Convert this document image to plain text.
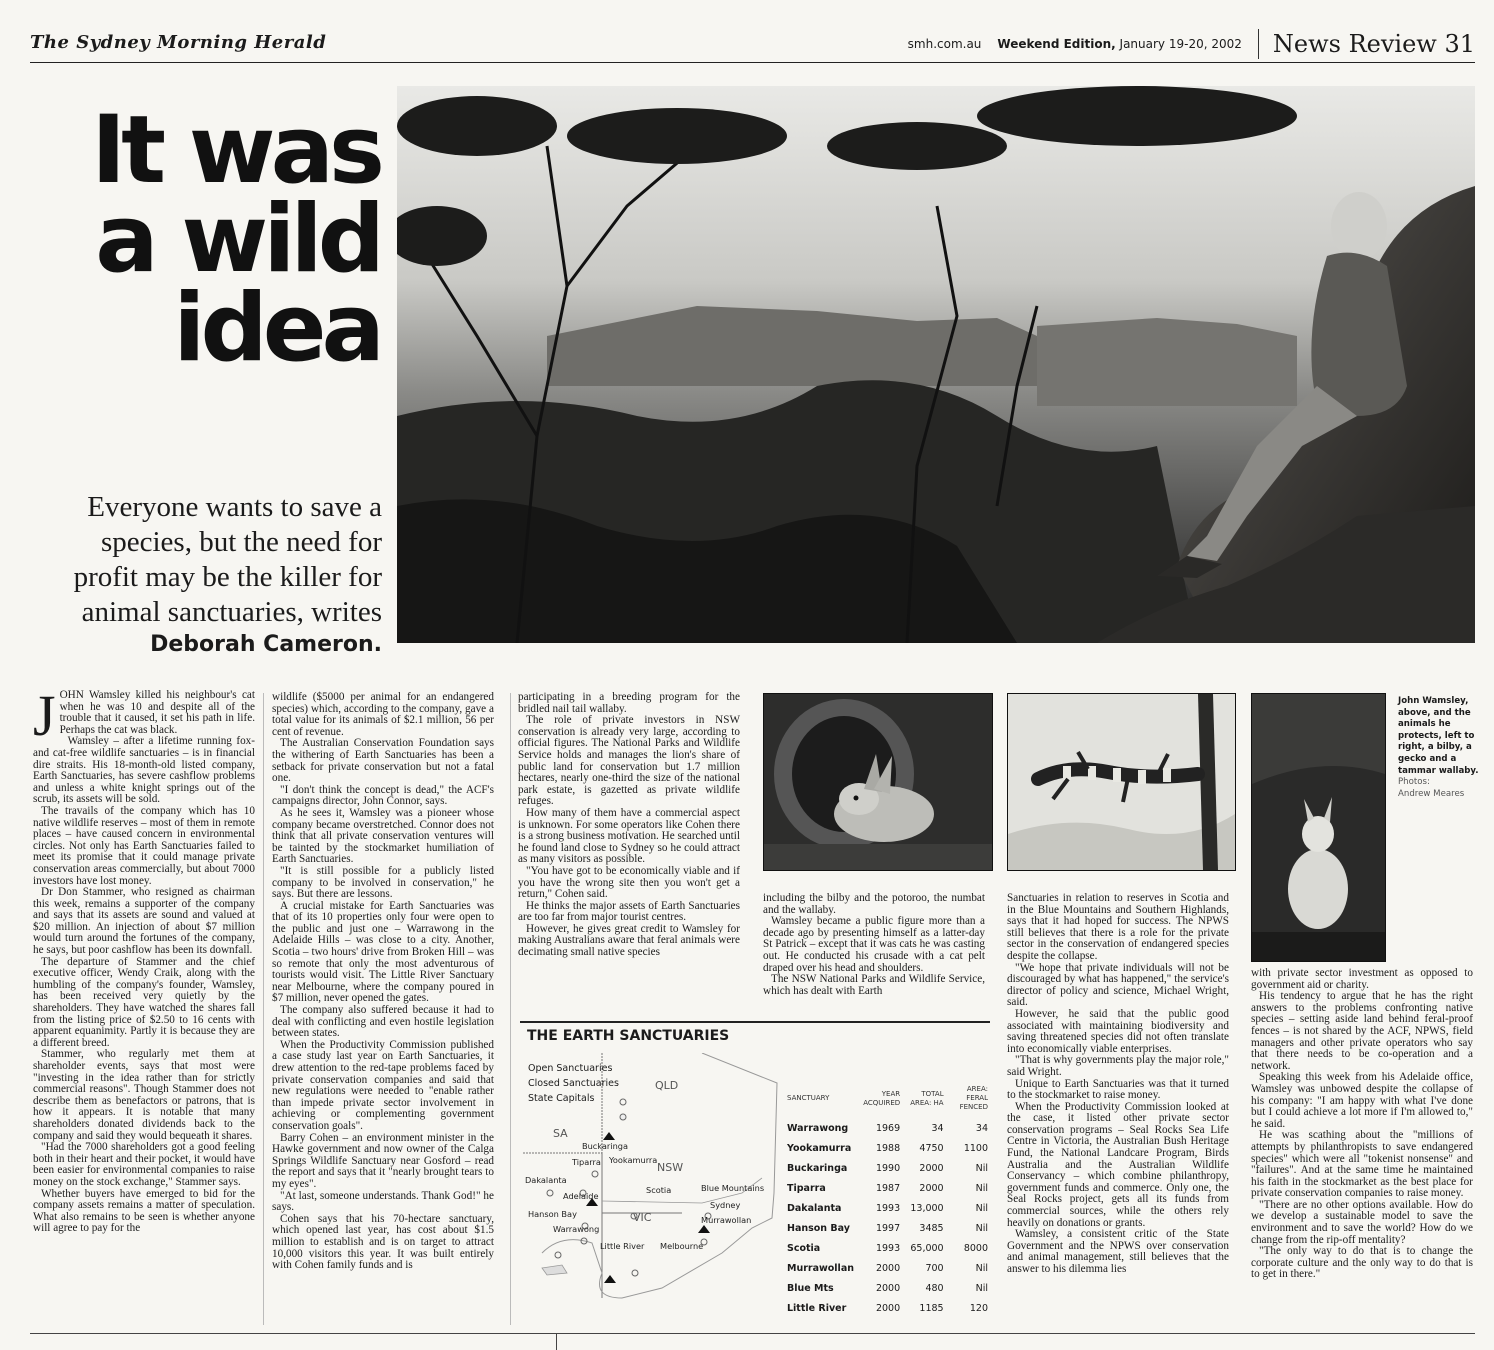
The Sydney Morning Herald	smh.com.au Weekend Edition, January 19-20, 2002 News Review 31
It was
a wild
idea
Everyone wants to save a species, but the need for profit may be the killer for animal sanctuaries, writes
Deborah Cameron.

JOHN Wamsley killed his neighbour's cat when he was 10 and despite all of the trouble that it caused, it set his path in life. Perhaps the cat was black.

Wamsley – after a lifetime running fox- and cat-free wildlife sanctuaries – is in financial dire straits. His 18-month-old listed company, Earth Sanctuaries, has severe cashflow problems and unless a white knight springs out of the scrub, its assets will be sold.

The travails of the company which has 10 native wildlife reserves – most of them in remote places – have caused concern in environmental circles. Not only has Earth Sanctuaries failed to meet its promise that it could manage private conservation areas commercially, but about 7000 investors have lost money.

Dr Don Stammer, who resigned as chairman this week, remains a supporter of the company and says that its assets are sound and valued at $20 million. An injection of about $7 million would turn around the fortunes of the company, he says, but poor cashflow has been its downfall.

The departure of Stammer and the chief executive officer, Wendy Craik, along with the humbling of the company's founder, Wamsley, has been received very quietly by the shareholders. They have watched the shares fall from the listing price of $2.50 to 16 cents with apparent equanimity. Partly it is because they are a different breed.

Stammer, who regularly met them at shareholder events, says that most were "investing in the idea rather than for strictly commercial reasons". Though Stammer does not describe them as benefactors or patrons, that is how it appears. It is notable that many shareholders donated dividends back to the company and said they would bequeath it shares.

"Had the 7000 shareholders got a good feeling both in their heart and their pocket, it would have been easier for environmental companies to raise money on the stock exchange," Stammer says.

Whether buyers have emerged to bid for the company assets remains a matter of speculation. What also remains to be seen is whether anyone will agree to pay for the

wildlife ($5000 per animal for an endangered species) which, according to the company, gave a total value for its animals of $2.1 million, 56 per cent of revenue.

The Australian Conservation Foundation says the withering of Earth Sanctuaries has been a setback for private conservation but not a fatal one.

"I don't think the concept is dead," the ACF's campaigns director, John Connor, says.

As he sees it, Wamsley was a pioneer whose company became overstretched. Connor does not think that all private conservation ventures will be tainted by the stockmarket humiliation of Earth Sanctuaries.

"It is still possible for a publicly listed company to be involved in conservation," he says. But there are lessons.

A crucial mistake for Earth Sanctuaries was that of its 10 properties only four were open to the public and just one – Warrawong in the Adelaide Hills – was close to a city. Another, Scotia – two hours' drive from Broken Hill – was so remote that only the most adventurous of tourists would visit. The Little River Sanctuary near Melbourne, where the company poured in $7 million, never opened the gates.

The company also suffered because it had to deal with conflicting and even hostile legislation between states.

When the Productivity Commission published a case study last year on Earth Sanctuaries, it drew attention to the red-tape problems faced by private conservation companies and said that new regulations were needed to "enable rather than impede private sector involvement in achieving or complementing government conservation goals".

Barry Cohen – an environment minister in the Hawke government and now owner of the Calga Springs Wildlife Sanctuary near Gosford – read the report and says that it "nearly brought tears to my eyes".

"At last, someone understands. Thank God!" he says.

Cohen says that his 70-hectare sanctuary, which opened last year, has cost about $1.5 million to establish and is on target to attract 10,000 visitors this year. It was built entirely with Cohen family funds and is

participating in a breeding program for the bridled nail tail wallaby.

The role of private investors in NSW conservation is already very large, according to official figures. The National Parks and Wildlife Service holds and manages the lion's share of public land for conservation but 1.7 million hectares, nearly one-third the size of the national park estate, is gazetted as private wildlife refuges.

How many of them have a commercial aspect is unknown. For some operators like Cohen there is a strong business motivation. He searched until he found land close to Sydney so he could attract as many visitors as possible.

"You have got to be economically viable and if you have the wrong site then you won't get a return," Cohen said.

He thinks the major assets of Earth Sanctuaries are too far from major tourist centres.

However, he gives great credit to Wamsley for making Australians aware that feral animals were decimating small native species

John Wamsley, above, and the animals he protects, left to right, a bilby, a gecko and a tammar wallaby.
Photos:
Andrew Meares

including the bilby and the potoroo, the numbat and the wallaby.

Wamsley became a public figure more than a decade ago by presenting himself as a latter-day St Patrick – except that it was cats he was casting out. He conducted his crusade with a cat pelt draped over his head and shoulders.

The NSW National Parks and Wildlife Service, which has dealt with Earth

Sanctuaries in relation to reserves in Scotia and in the Blue Mountains and Southern Highlands, says that it had hoped for success. The NPWS still believes that there is a role for the private sector in the conservation of endangered species despite the collapse.

"We hope that private individuals will not be discouraged by what has happened," the service's director of policy and science, Michael Wright, said.

However, he said that the public good associated with maintaining biodiversity and saving threatened species did not often translate into economically viable enterprises.

"That is why governments play the major role," said Wright.

Unique to Earth Sanctuaries was that it turned to the stockmarket to raise money.

When the Productivity Commission looked at the case, it listed other private sector conservation programs – Seal Rocks Sea Life Centre in Victoria, the Australian Bush Heritage Fund, the National Landcare Program, Birds Australia and the Australian Wildlife Conservancy – which combine philanthropy, government funds and commerce. Only one, the Seal Rocks project, gets all its funds from commercial sources, while the others rely heavily on donations or grants.

Wamsley, a consistent critic of the State Government and the NPWS over conservation and animal management, still believes that the answer to his dilemma lies

with private sector investment as opposed to government aid or charity.

His tendency to argue that he has the right answers to the problems confronting native species – setting aside land behind feral-proof fences – is not shared by the ACF, NPWS, field managers and other private operators who say that there needs to be co-operation and a network.

Speaking this week from his Adelaide office, Wamsley was unbowed despite the collapse of his company: "I am happy with what I've done but I could achieve a lot more if I'm allowed to," he said.

He was scathing about the "millions of attempts by philanthropists to save endangered species" which were all "tokenist nonsense" and "failures". And at the same time he maintained his faith in the stockmarket as the best place for private conservation companies to raise money.

"There are no other options available. How do we develop a sustainable model to save the environment and to save the world? How do we change from the rip-off mentality?

"The only way to do that is to change the corporate culture and the only way to do that is to get in there."

THE EARTH SANCTUARIES
Open Sanctuaries
Closed Sanctuaries
State Capitals
QLD
SA
NSW
VIC
Buckaringa
Tiparra Yookamurra
Dakalanta
Adelaide
Scotia
Hanson Bay
Warrawong
Blue Mountains
Sydney
Murrawollan
Little River Melbourne
SANCTUARY	YEAR ACQUIRED	TOTAL AREA: HA	AREA: FERAL FENCED
Warrawong	1969	34	34
Yookamurra	1988	4750	1100
Buckaringa	1990	2000	Nil
Tiparra	1987	2000	Nil
Dakalanta	1993	13,000	Nil
Hanson Bay	1997	3485	Nil
Scotia	1993	65,000	8000
Murrawollan	2000	700	Nil
Blue Mts	2000	480	Nil
Little River	2000	1185	120
